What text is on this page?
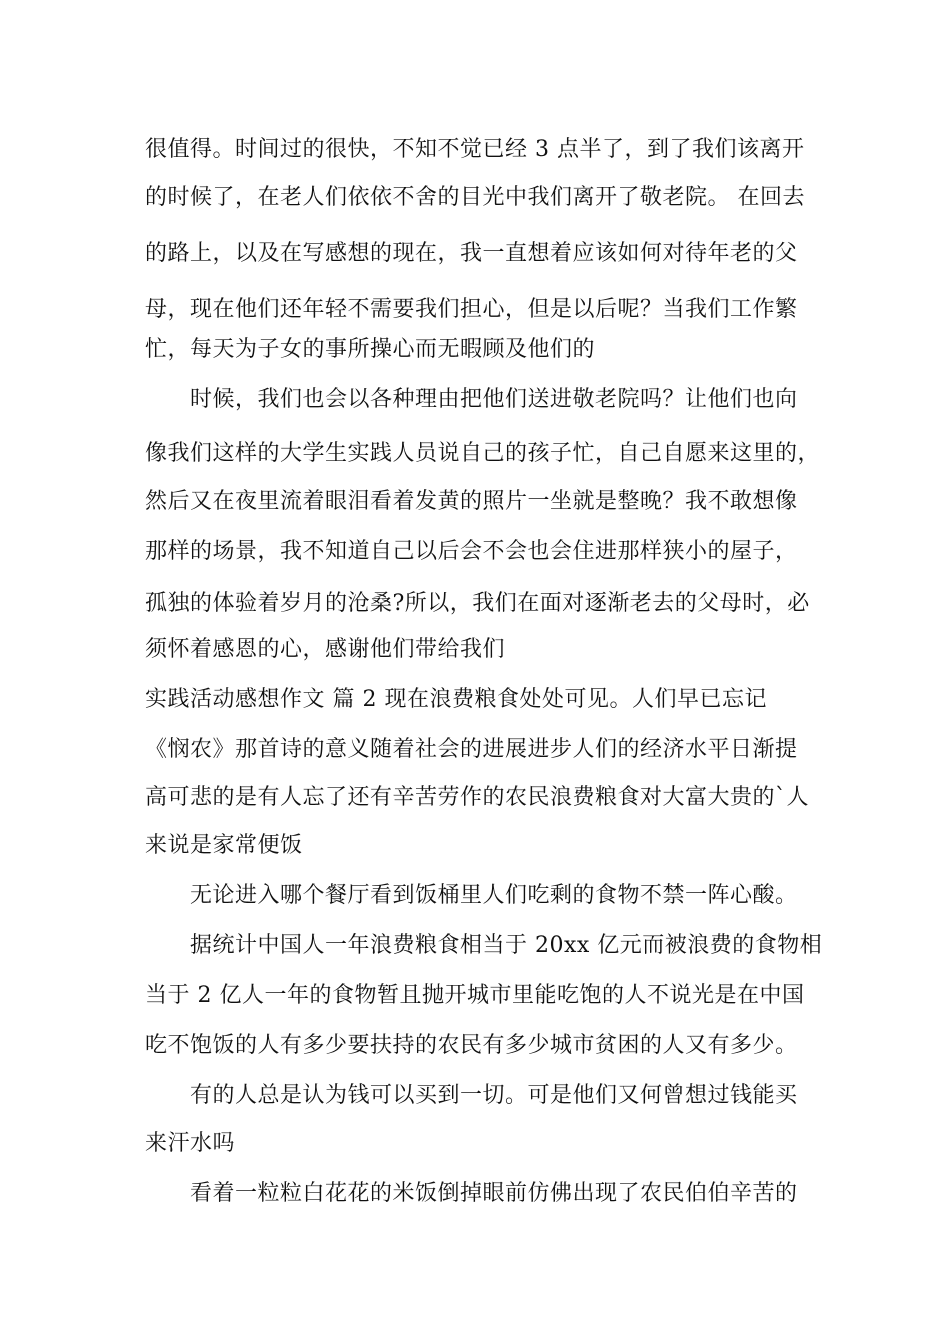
很值得。时间过的很快，不知不觉已经 3 点半了，到了我们该离开
的时候了，在老人们依依不舍的目光中我们离开了敬老院。 在回去
的路上，以及在写感想的现在，我一直想着应该如何对待年老的父
母，现在他们还年轻不需要我们担心，但是以后呢？当我们工作繁
忙，每天为子女的事所操心而无暇顾及他们的
时候，我们也会以各种理由把他们送进敬老院吗？让他们也向
像我们这样的大学生实践人员说自己的孩子忙，自己自愿来这里的，
然后又在夜里流着眼泪看着发黄的照片一坐就是整晚？我不敢想像
那样的场景，我不知道自己以后会不会也会住进那样狭小的屋子，
孤独的体验着岁月的沧桑?所以，我们在面对逐渐老去的父母时，必
须怀着感恩的心，感谢他们带给我们
实践活动感想作文 篇 2 现在浪费粮食处处可见。人们早已忘记
《悯农》那首诗的意义随着社会的进展进步人们的经济水平日渐提
高可悲的是有人忘了还有辛苦劳作的农民浪费粮食对大富大贵的`人
来说是家常便饭
无论进入哪个餐厅看到饭桶里人们吃剩的食物不禁一阵心酸。
据统计中国人一年浪费粮食相当于 20xx 亿元而被浪费的食物相
当于 2 亿人一年的食物暂且抛开城市里能吃饱的人不说光是在中国
吃不饱饭的人有多少要扶持的农民有多少城市贫困的人又有多少。
有的人总是认为钱可以买到一切。可是他们又何曾想过钱能买
来汗水吗
看着一粒粒白花花的米饭倒掉眼前仿佛出现了农民伯伯辛苦的
